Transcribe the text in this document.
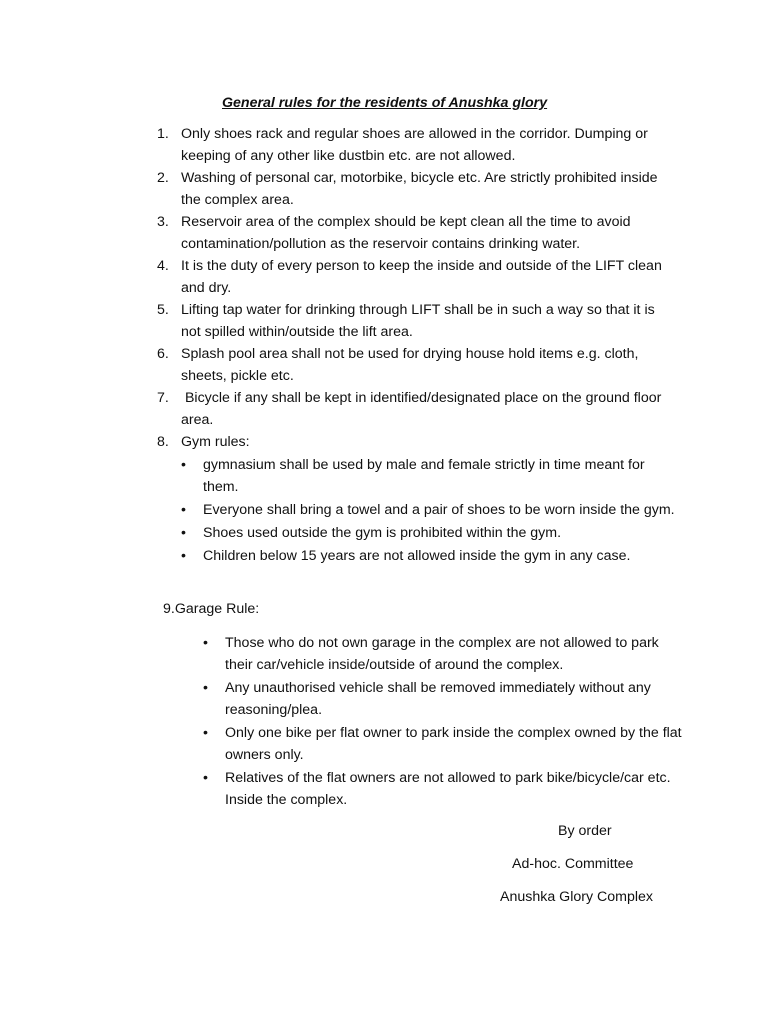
General rules for the residents of Anushka glory
1. Only shoes rack and regular shoes are allowed in the corridor. Dumping or keeping of any other like dustbin etc. are not allowed.
2. Washing of personal car, motorbike, bicycle etc. Are strictly prohibited inside the complex area.
3. Reservoir area of the complex should be kept clean all the time to avoid contamination/pollution as the reservoir contains drinking water.
4. It is the duty of every person to keep the inside and outside of the LIFT clean and dry.
5. Lifting tap water for drinking through LIFT shall be in such a way so that it is not spilled within/outside the lift area.
6. Splash pool area shall not be used for drying house hold items e.g. cloth, sheets, pickle etc.
7. Bicycle if any shall be kept in identified/designated place on the ground floor area.
8. Gym rules:
• gymnasium shall be used by male and female strictly in time meant for them.
• Everyone shall bring a towel and a pair of shoes to be worn inside the gym.
• Shoes used outside the gym is prohibited within the gym.
• Children below 15 years are not allowed inside the gym in any case.
9.Garage Rule:
• Those who do not own garage in the complex are not allowed to park their car/vehicle inside/outside of around the complex.
• Any unauthorised vehicle shall be removed immediately without any reasoning/plea.
• Only one bike per flat owner to park inside the complex owned by the flat owners only.
• Relatives of the flat owners are not allowed to park bike/bicycle/car etc. Inside the complex.
By order
Ad-hoc. Committee
Anushka Glory Complex
